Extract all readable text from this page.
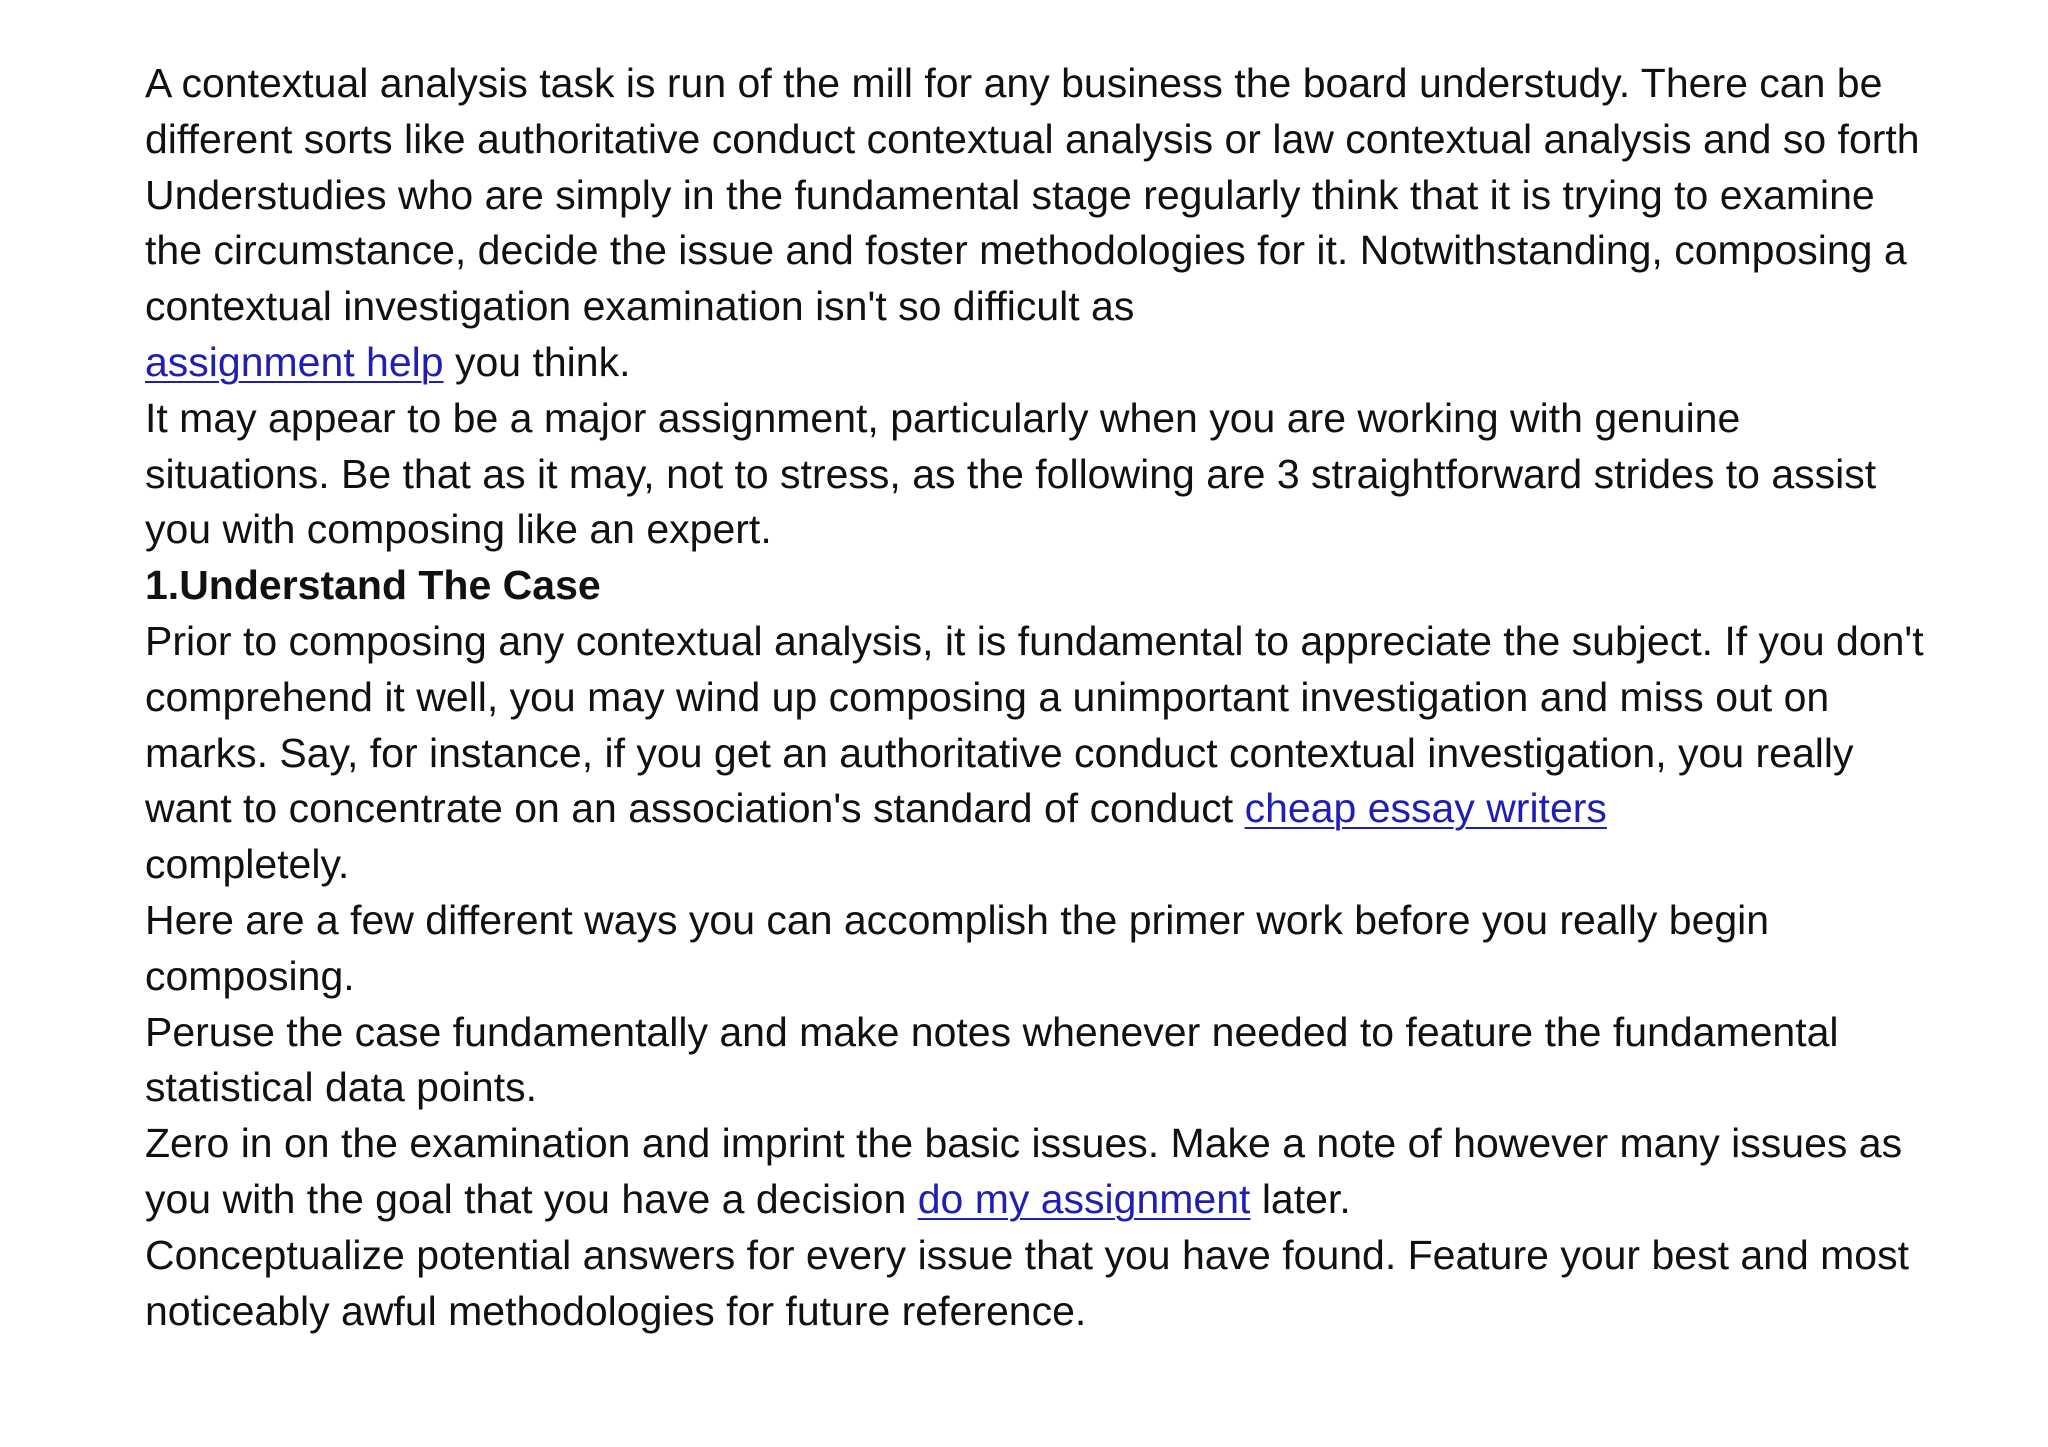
A contextual analysis task is run of the mill for any business the board understudy. There can be different sorts like authoritative conduct contextual analysis or law contextual analysis and so forth Understudies who are simply in the fundamental stage regularly think that it is trying to examine the circumstance, decide the issue and foster methodologies for it. Notwithstanding, composing a contextual investigation examination isn't so difficult as
assignment help you think.

It may appear to be a major assignment, particularly when you are working with genuine situations. Be that as it may, not to stress, as the following are 3 straightforward strides to assist you with composing like an expert.

1.Understand The Case

Prior to composing any contextual analysis, it is fundamental to appreciate the subject. If you don't comprehend it well, you may wind up composing a unimportant investigation and miss out on marks. Say, for instance, if you get an authoritative conduct contextual investigation, you really want to concentrate on an association's standard of conduct cheap essay writers
completely.

Here are a few different ways you can accomplish the primer work before you really begin composing.

Peruse the case fundamentally and make notes whenever needed to feature the fundamental statistical data points.

Zero in on the examination and imprint the basic issues. Make a note of however many issues as you with the goal that you have a decision do my assignment later.

Conceptualize potential answers for every issue that you have found. Feature your best and most noticeably awful methodologies for future reference.
